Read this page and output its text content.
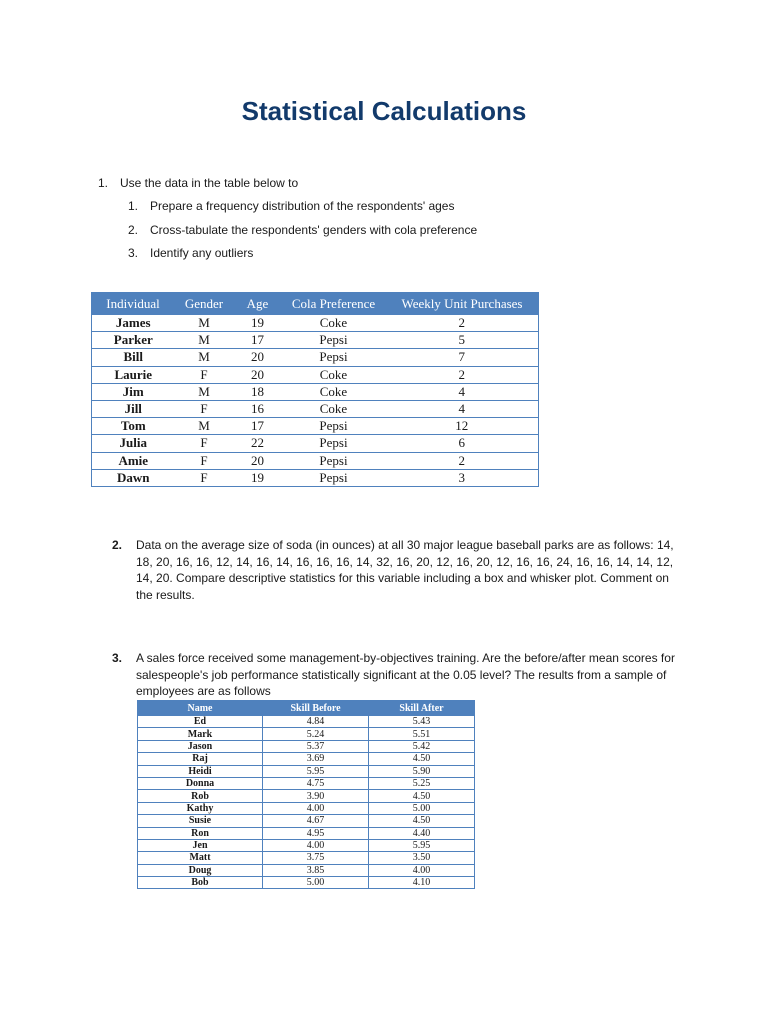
Statistical Calculations
1. Use the data in the table below to
1. Prepare a frequency distribution of the respondents' ages
2. Cross-tabulate the respondents' genders with cola preference
3. Identify any outliers
Individual	Gender	Age	Cola Preference	Weekly Unit Purchases
James	M	19	Coke	2
Parker	M	17	Pepsi	5
Bill	M	20	Pepsi	7
Laurie	F	20	Coke	2
Jim	M	18	Coke	4
Jill	F	16	Coke	4
Tom	M	17	Pepsi	12
Julia	F	22	Pepsi	6
Amie	F	20	Pepsi	2
Dawn	F	19	Pepsi	3
2. Data on the average size of soda (in ounces) at all 30 major league baseball parks are as follows: 14, 18, 20, 16, 16, 12, 14, 16, 14, 16, 16, 16, 14, 32, 16, 20, 12, 16, 20, 12, 16, 16, 24, 16, 16, 14, 14, 12, 14, 20. Compare descriptive statistics for this variable including a box and whisker plot. Comment on the results.
3. A sales force received some management-by-objectives training. Are the before/after mean scores for salespeople's job performance statistically significant at the 0.05 level? The results from a sample of employees are as follows
Name	Skill Before	Skill After
Ed	4.84	5.43
Mark	5.24	5.51
Jason	5.37	5.42
Raj	3.69	4.50
Heidi	5.95	5.90
Donna	4.75	5.25
Rob	3.90	4.50
Kathy	4.00	5.00
Susie	4.67	4.50
Ron	4.95	4.40
Jen	4.00	5.95
Matt	3.75	3.50
Doug	3.85	4.00
Bob	5.00	4.10
